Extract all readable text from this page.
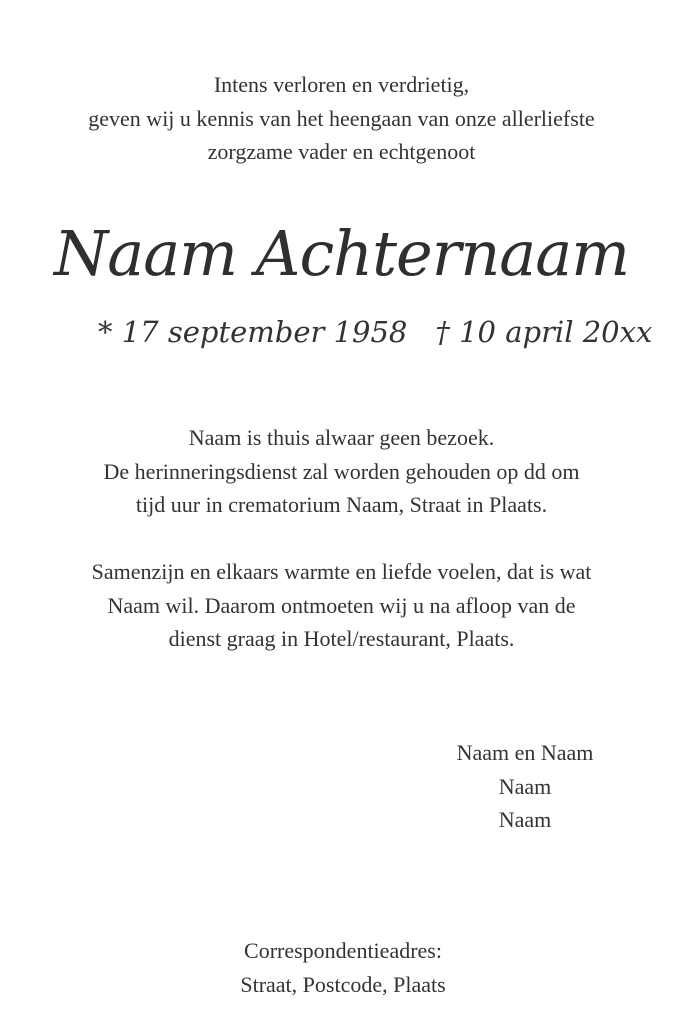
Intens verloren en verdrietig,
geven wij u kennis van het heengaan van onze allerliefste
zorgzame vader en echtgenoot
Naam Achternaam
* 17 september 1958 † 10 april 20xx
Naam is thuis alwaar geen bezoek.
De herinneringsdienst zal worden gehouden op dd om
tijd uur in crematorium Naam, Straat in Plaats.
Samenzijn en elkaars warmte en liefde voelen, dat is wat
Naam wil. Daarom ontmoeten wij u na afloop van de
dienst graag in Hotel/restaurant, Plaats.
Naam en Naam
Naam
Naam
Correspondentieadres:
Straat, Postcode, Plaats
